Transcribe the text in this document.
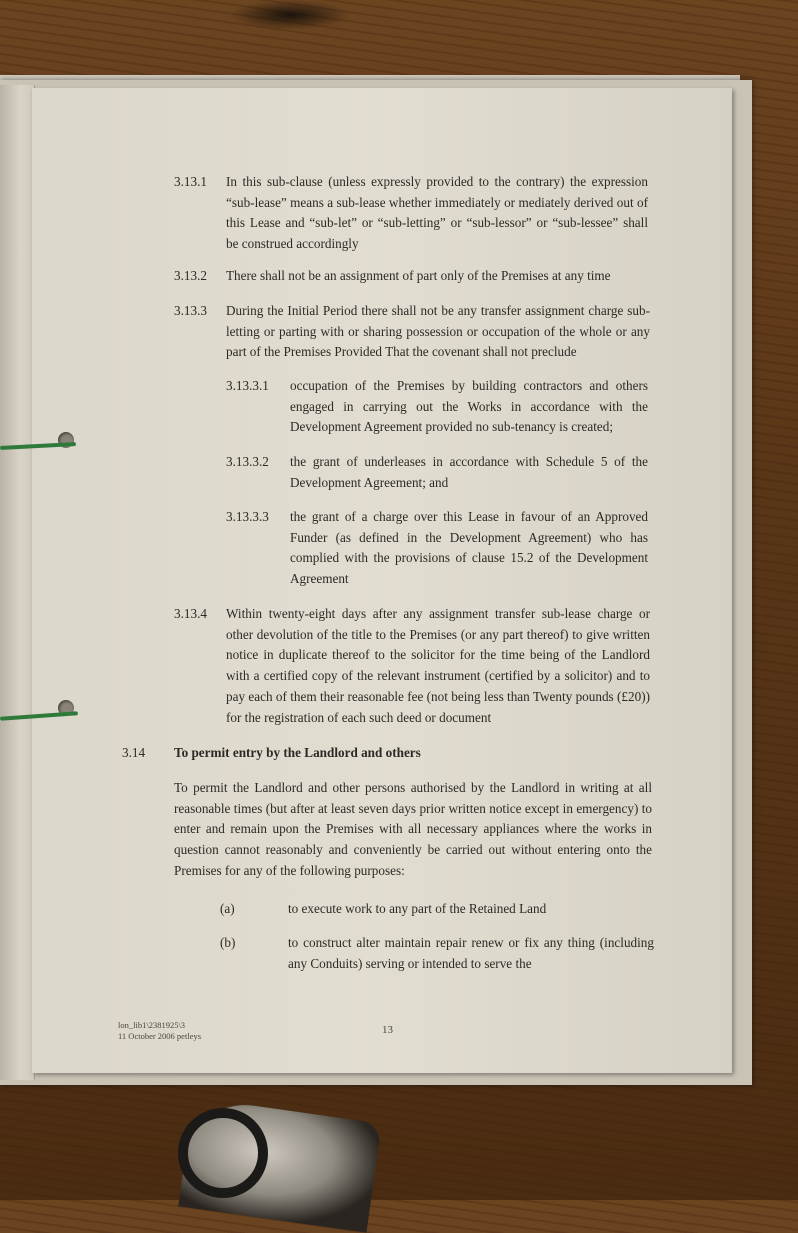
3.13.1 In this sub-clause (unless expressly provided to the contrary) the expression “sub-lease” means a sub-lease whether immediately or mediately derived out of this Lease and “sub-let” or “sub-letting” or “sub-lessor” or “sub-lessee” shall be construed accordingly
3.13.2 There shall not be an assignment of part only of the Premises at any time
3.13.3 During the Initial Period there shall not be any transfer assignment charge sub-letting or parting with or sharing possession or occupation of the whole or any part of the Premises Provided That the covenant shall not preclude
3.13.3.1 occupation of the Premises by building contractors and others engaged in carrying out the Works in accordance with the Development Agreement provided no sub-tenancy is created;
3.13.3.2 the grant of underleases in accordance with Schedule 5 of the Development Agreement; and
3.13.3.3 the grant of a charge over this Lease in favour of an Approved Funder (as defined in the Development Agreement) who has complied with the provisions of clause 15.2 of the Development Agreement
3.13.4 Within twenty-eight days after any assignment transfer sub-lease charge or other devolution of the title to the Premises (or any part thereof) to give written notice in duplicate thereof to the solicitor for the time being of the Landlord with a certified copy of the relevant instrument (certified by a solicitor) and to pay each of them their reasonable fee (not being less than Twenty pounds (£20)) for the registration of each such deed or document
3.14 To permit entry by the Landlord and others
To permit the Landlord and other persons authorised by the Landlord in writing at all reasonable times (but after at least seven days prior written notice except in emergency) to enter and remain upon the Premises with all necessary appliances where the works in question cannot reasonably and conveniently be carried out without entering onto the Premises for any of the following purposes:
(a)	to execute work to any part of the Retained Land
(b)	to construct alter maintain repair renew or fix any thing (including any Conduits) serving or intended to serve the
lon_lib1\2381925\3
11 October 2006 petleys	13
